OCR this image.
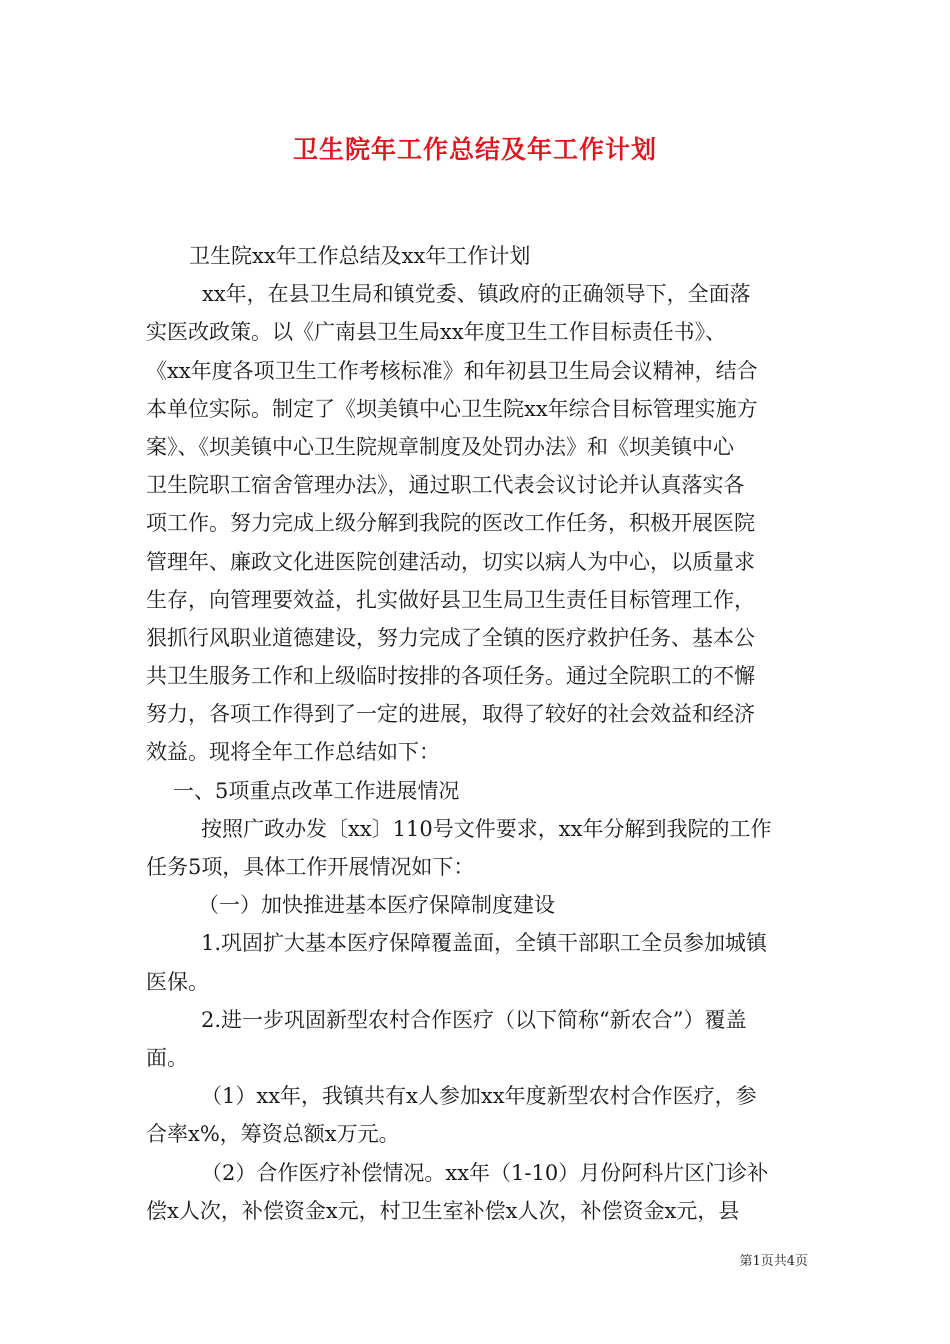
卫生院年工作总结及年工作计划
卫生院xx年工作总结及xx年工作计划
xx年，在县卫生局和镇党委、镇政府的正确领导下，全面落
实医改政策。以《广南县卫生局xx年度卫生工作目标责任书》、
《xx年度各项卫生工作考核标准》和年初县卫生局会议精神，结合
本单位实际。制定了《坝美镇中心卫生院xx年综合目标管理实施方
案》、《坝美镇中心卫生院规章制度及处罚办法》和《坝美镇中心
卫生院职工宿舍管理办法》，通过职工代表会议讨论并认真落实各
项工作。努力完成上级分解到我院的医改工作任务，积极开展医院
管理年、廉政文化进医院创建活动，切实以病人为中心，以质量求
生存，向管理要效益，扎实做好县卫生局卫生责任目标管理工作，
狠抓行风职业道德建设，努力完成了全镇的医疗救护任务、基本公
共卫生服务工作和上级临时按排的各项任务。通过全院职工的不懈
努力，各项工作得到了一定的进展，取得了较好的社会效益和经济
效益。现将全年工作总结如下：
一、5项重点改革工作进展情况
按照广政办发〔xx〕110号文件要求，xx年分解到我院的工作
任务5项，具体工作开展情况如下：
（一）加快推进基本医疗保障制度建设
1.巩固扩大基本医疗保障覆盖面，全镇干部职工全员参加城镇
医保。
2.进一步巩固新型农村合作医疗（以下简称“新农合”）覆盖
面。
（1）xx年，我镇共有x人参加xx年度新型农村合作医疗，参
合率x%，筹资总额x万元。
（2）合作医疗补偿情况。xx年（1-10）月份阿科片区门诊补
偿x人次，补偿资金x元，村卫生室补偿x人次，补偿资金x元，县
第1页共4页
